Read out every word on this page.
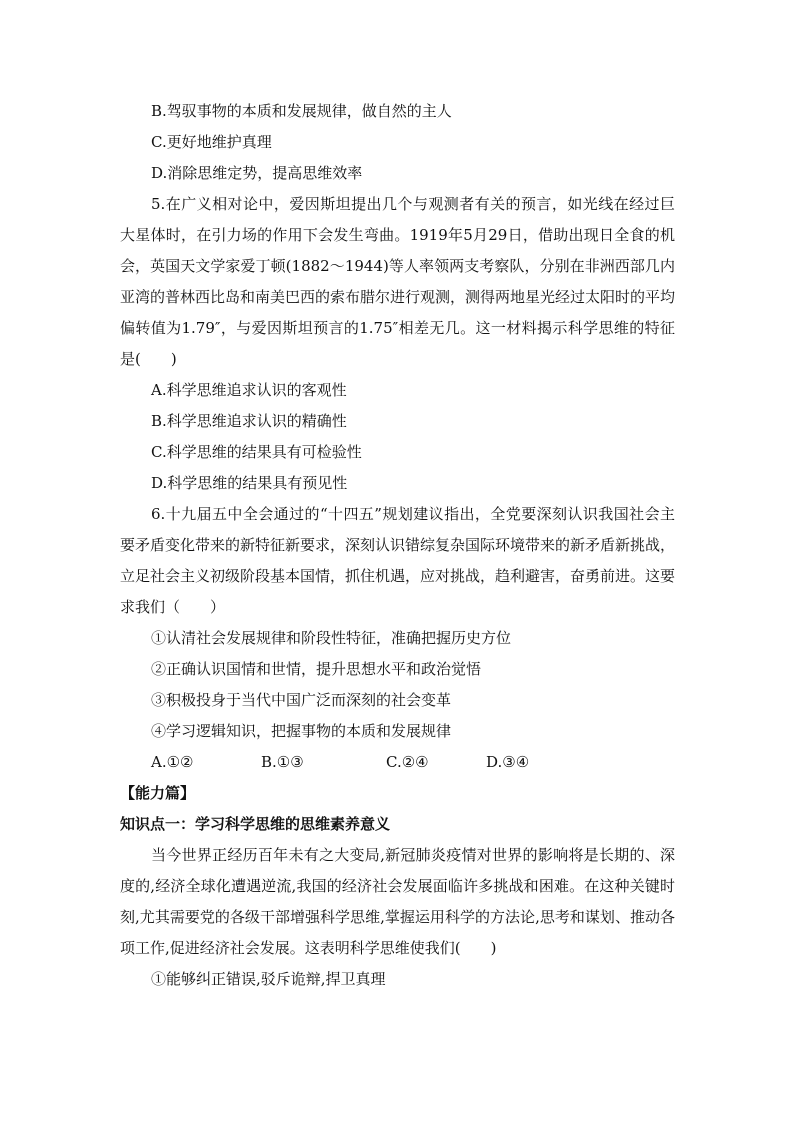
B.驾驭事物的本质和发展规律，做自然的主人
C.更好地维护真理
D.消除思维定势，提高思维效率

5.在广义相对论中，爱因斯坦提出几个与观测者有关的预言，如光线在经过巨大星体时，在引力场的作用下会发生弯曲。1919年5月29日，借助出现日全食的机会，英国天文学家爱丁顿(1882～1944)等人率领两支考察队，分别在非洲西部几内亚湾的普林西比岛和南美巴西的索布腊尔进行观测，测得两地星光经过太阳时的平均偏转值为1.79″，与爱因斯坦预言的1.75″相差无几。这一材料揭示科学思维的特征是(　　)

A.科学思维追求认识的客观性
B.科学思维追求认识的精确性
C.科学思维的结果具有可检验性
D.科学思维的结果具有预见性

6.十九届五中全会通过的“十四五”规划建议指出，全党要深刻认识我国社会主要矛盾变化带来的新特征新要求，深刻认识错综复杂国际环境带来的新矛盾新挑战，立足社会主义初级阶段基本国情，抓住机遇，应对挑战，趋利避害，奋勇前进。这要求我们（　　）

①认清社会发展规律和阶段性特征，准确把握历史方位
②正确认识国情和世情，提升思想水平和政治觉悟
③积极投身于当代中国广泛而深刻的社会变革
④学习逻辑知识，把握事物的本质和发展规律
A.①②	B.①③	C.②④	D.③④
【能力篇】
知识点一：学习科学思维的思维素养意义

当今世界正经历百年未有之大变局,新冠肺炎疫情对世界的影响将是长期的、深度的,经济全球化遭遇逆流,我国的经济社会发展面临许多挑战和困难。在这种关键时刻,尤其需要党的各级干部增强科学思维,掌握运用科学的方法论,思考和谋划、推动各项工作,促进经济社会发展。这表明科学思维使我们(　　)

①能够纠正错误,驳斥诡辩,捍卫真理
